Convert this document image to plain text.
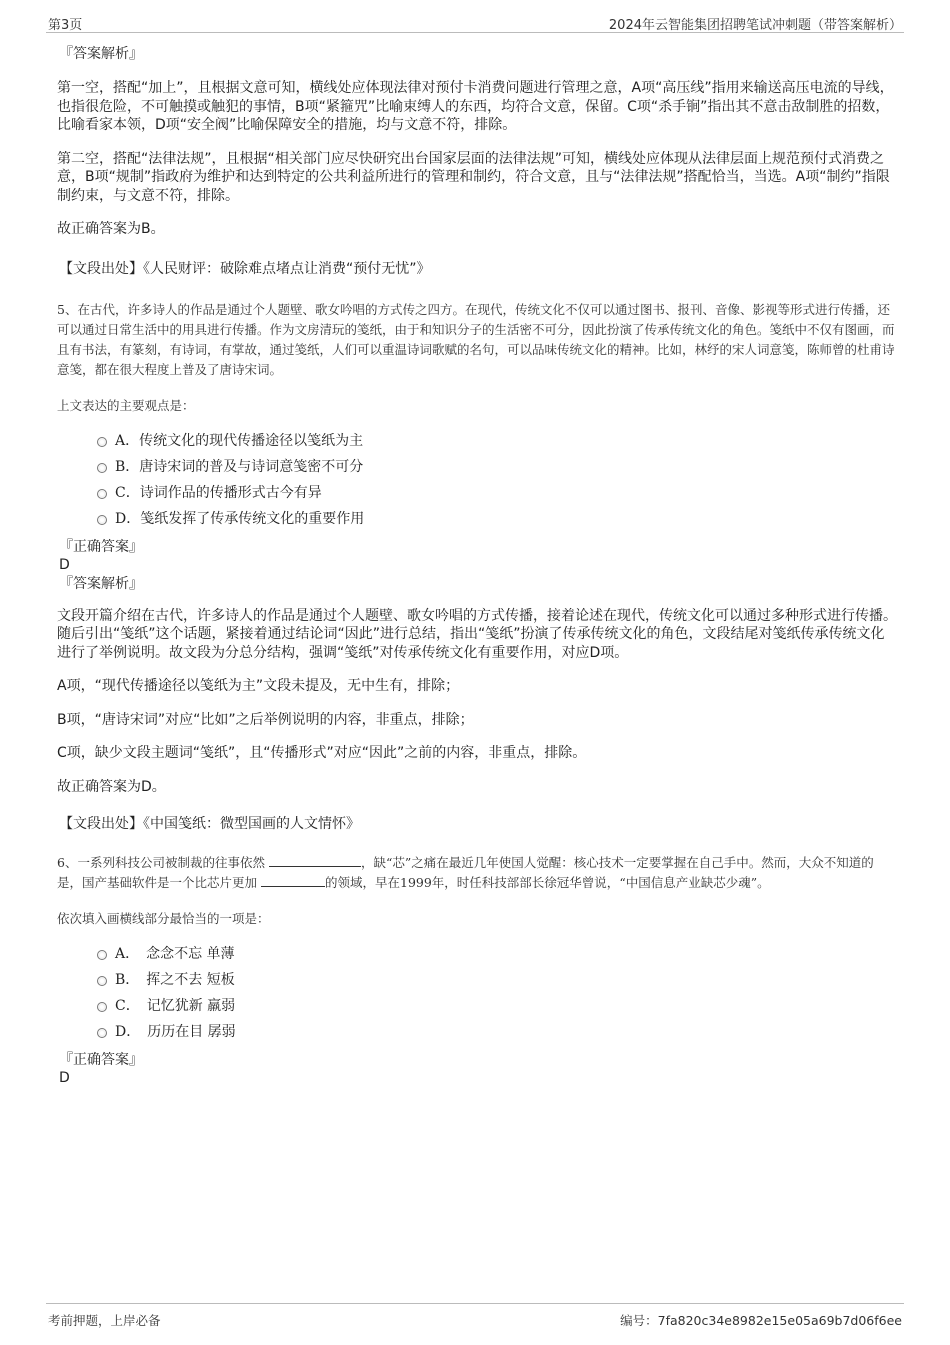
第3页	2024年云智能集团招聘笔试冲刺题（带答案解析）

『答案解析』

第一空，搭配“加上”，且根据文意可知，横线处应体现法律对预付卡消费问题进行管理之意，A项“高压线”指用来输送高压电流的导线，也指很危险，不可触摸或触犯的事情，B项“紧箍咒”比喻束缚人的东西，均符合文意，保留。C项“杀手锏”指出其不意击敌制胜的招数，比喻看家本领，D项“安全阀”比喻保障安全的措施，均与文意不符，排除。

第二空，搭配“法律法规”，且根据“相关部门应尽快研究出台国家层面的法律法规”可知，横线处应体现从法律层面上规范预付式消费之意，B项“规制”指政府为维护和达到特定的公共利益所进行的管理和制约，符合文意，且与“法律法规”搭配恰当，当选。A项“制约”指限制约束，与文意不符，排除。

故正确答案为B。

【文段出处】《人民财评：破除难点堵点让消费“预付无忧”》

5、在古代，许多诗人的作品是通过个人题壁、歌女吟唱的方式传之四方。在现代，传统文化不仅可以通过图书、报刊、音像、影视等形式进行传播，还可以通过日常生活中的用具进行传播。作为文房清玩的笺纸，由于和知识分子的生活密不可分，因此扮演了传承传统文化的角色。笺纸中不仅有图画，而且有书法，有篆刻，有诗词，有掌故，通过笺纸，人们可以重温诗词歌赋的名句，可以品味传统文化的精神。比如，林纾的宋人词意笺，陈师曾的杜甫诗意笺，都在很大程度上普及了唐诗宋词。

上文表达的主要观点是：

A．传统文化的现代传播途径以笺纸为主
B．唐诗宋词的普及与诗词意笺密不可分
C．诗词作品的传播形式古今有异
D．笺纸发挥了传承传统文化的重要作用

『正确答案』

D

『答案解析』

文段开篇介绍在古代，许多诗人的作品是通过个人题壁、歌女吟唱的方式传播，接着论述在现代，传统文化可以通过多种形式进行传播。随后引出“笺纸”这个话题，紧接着通过结论词“因此”进行总结，指出“笺纸”扮演了传承传统文化的角色，文段结尾对笺纸传承传统文化进行了举例说明。故文段为分总分结构，强调“笺纸”对传承传统文化有重要作用，对应D项。

A项，“现代传播途径以笺纸为主”文段未提及，无中生有，排除；

B项，“唐诗宋词”对应“比如”之后举例说明的内容，非重点，排除；

C项，缺少文段主题词“笺纸”，且“传播形式”对应“因此”之前的内容，非重点，排除。

故正确答案为D。

【文段出处】《中国笺纸：微型国画的人文情怀》

6、一系列科技公司被制裁的往事依然	，缺“芯”之痛在最近几年使国人觉醒：核心技术一定要掌握在自己手中。然而，大众不知道的是，国产基础软件是一个比芯片更加	的领域，早在1999年，时任科技部部长徐冠华曾说，“中国信息产业缺芯少魂”。

依次填入画横线部分最恰当的一项是：

A．　念念不忘 单薄
B．　挥之不去 短板
C．　记忆犹新 羸弱
D．　历历在目 孱弱

『正确答案』

D

考前押题，上岸必备	编号：7fa820c34e8982e15e05a69b7d06f6ee
